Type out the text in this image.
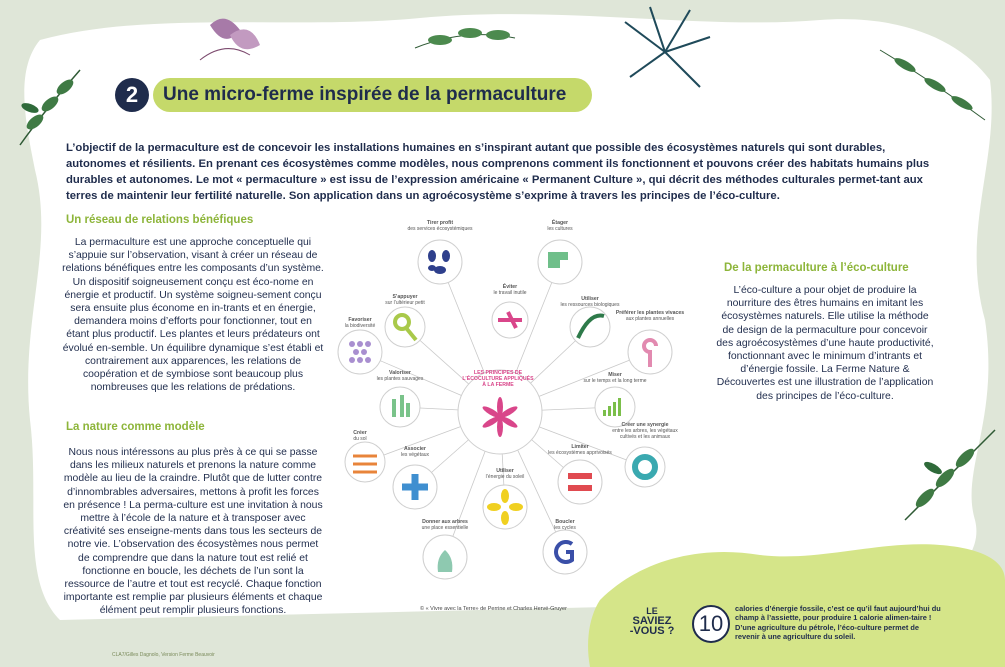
2	Une micro-ferme inspirée de la permaculture
L’objectif de la permaculture est de concevoir les installations humaines en s’inspirant autant que possible des écosystèmes naturels qui sont durables, autonomes et résilients. En prenant ces écosystèmes comme modèles, nous comprenons comment ils fonctionnent et pouvons créer des habitats humains plus durables et autonomes. Le mot « permaculture » est issu de l’expression américaine « Permanent Culture », qui décrit des méthodes culturales permet-tant aux terres de maintenir leur fertilité naturelle. Son application dans un agroécosystème s’exprime à travers les principes de l’éco-culture.
Un réseau de relations bénéfiques
La permaculture est une approche conceptuelle qui s’appuie sur l’observation, visant à créer un réseau de relations bénéfiques entre les composants d’un système. Un dispositif soigneusement conçu est éco-nome en énergie et productif. Un système soigneu-sement conçu sera ensuite plus économe en in-trants et en énergie, demandera moins d’efforts pour fonctionner, tout en étant plus productif. Les plantes et leurs prédateurs ont évolué en-semble. Un équilibre dynamique s’est établi et contrairement aux apparences, les relations de coopération et de symbiose sont beaucoup plus nombreuses que les relations de prédations.
La nature comme modèle
Nous nous intéressons au plus près à ce qui se passe dans les milieux naturels et prenons la nature comme modèle au lieu de la craindre. Plutôt que de lutter contre d’innombrables adversaires, mettons à profit les forces en présence ! La perma-culture est une invitation à nous mettre à l’école de la nature et à transposer avec créativité ses enseigne-ments dans tous les secteurs de notre vie. L’observation des écosystèmes nous permet de comprendre que dans la nature tout est relié et fonctionne en boucle, les déchets de l’un sont la ressource de l’autre et tout est recyclé. Chaque fonction importante est remplie par plusieurs éléments et chaque élément peut remplir plusieurs fonctions.
De la permaculture à l’éco-culture
L’éco-culture a pour objet de produire la nourriture des êtres humains en imitant les écosystèmes naturels. Elle utilise la méthode de design de la permaculture pour concevoir des agroécosystèmes d’une haute productivité, fonctionnant avec le minimum d’intrants et d’énergie fossile. La Ferme Nature & Découvertes est une illustration de l’application des principes de l’éco-culture.
LES PRINCIPES DE L’ÉCOCULTURE APPLIQUÉS À LA FERME
Tirer profit
des services écosystémiques
Étager
les cultures
Éviter
le travail inutile
S’appuyer
sur l’ultérieur petit
Utiliser
les ressources biologiques
Favoriser
la biodiversité
Préférer les plantes vivaces
aux plantes annuelles
Valoriser
les plantes sauvages
Miser
sur le temps et la long terme
Créer
du sol
Créer une synergie
entre les arbres, les végétaux cultivés et les animaux
Associer
les végétaux
Limiter
les écosystèmes apprivoisés
Utiliser
l’énergie du soleil
Donner aux arbres
une place essentielle
Boucler
les cycles
© « Vivre avec la Terre» de Perrine et Charles Hervé-Gruyer	LE
SAVIEZ
-VOUS ?	10
calories d’énergie fossile, c’est ce qu’il faut aujourd’hui du champ à l’assiette, pour produire 1 calorie alimen-taire ! D’une agriculture du pétrole, l’éco-culture permet de revenir à une agriculture du soleil.
CLA7/Gilles Dagnolo, Version Ferme Beauvoir
